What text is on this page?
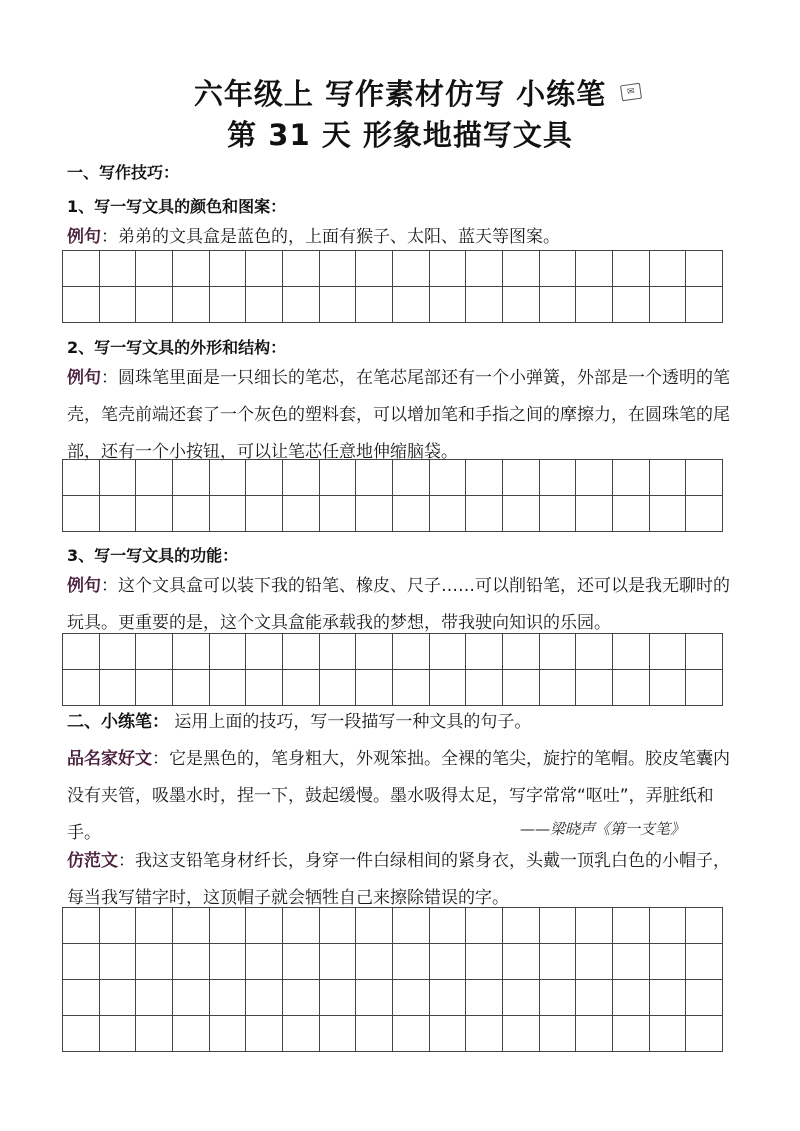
六年级上 写作素材仿写 小练笔	✉
第 31 天 形象地描写文具
一、写作技巧：
1、写一写文具的颜色和图案：
例句：弟弟的文具盒是蓝色的，上面有猴子、太阳、蓝天等图案。
2、写一写文具的外形和结构：
例句：圆珠笔里面是一只细长的笔芯，在笔芯尾部还有一个小弹簧，外部是一个透明的笔壳，笔壳前端还套了一个灰色的塑料套，可以增加笔和手指之间的摩擦力，在圆珠笔的尾部，还有一个小按钮，可以让笔芯任意地伸缩脑袋。
3、写一写文具的功能：
例句：这个文具盒可以装下我的铅笔、橡皮、尺子……可以削铅笔，还可以是我无聊时的玩具。更重要的是，这个文具盒能承载我的梦想，带我驶向知识的乐园。
二、小练笔： 运用上面的技巧，写一段描写一种文具的句子。
品名家好文：它是黑色的，笔身粗大，外观笨拙。全裸的笔尖，旋拧的笔帽。胶皮笔囊内没有夹管，吸墨水时，捏一下，鼓起缓慢。墨水吸得太足，写字常常“呕吐”，弄脏纸和手。	——梁晓声《第一支笔》
仿范文：我这支铅笔身材纤长，身穿一件白绿相间的紧身衣，头戴一顶乳白色的小帽子，每当我写错字时，这顶帽子就会牺牲自己来擦除错误的字。
